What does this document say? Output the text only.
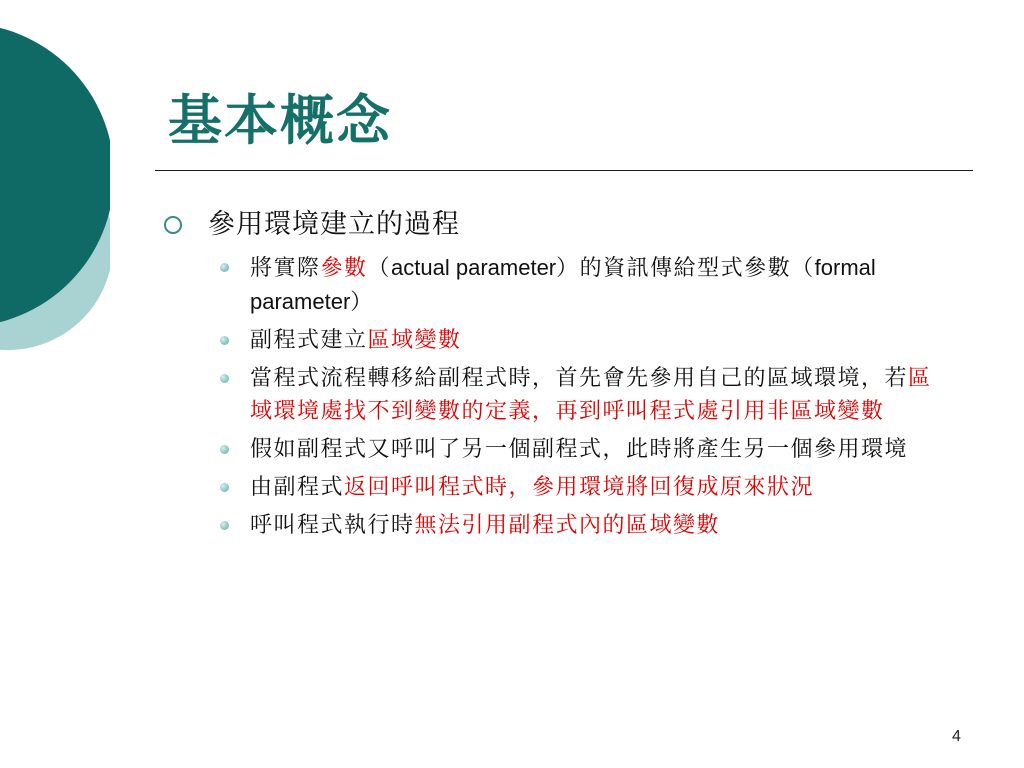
基本概念
參用環境建立的過程
將實際參數（actual parameter）的資訊傳給型式參數（formal parameter）
副程式建立區域變數
當程式流程轉移給副程式時，首先會先參用自己的區域環境，若區域環境處找不到變數的定義，再到呼叫程式處引用非區域變數
假如副程式又呼叫了另一個副程式，此時將產生另一個參用環境
由副程式返回呼叫程式時，參用環境將回復成原來狀況
呼叫程式執行時無法引用副程式內的區域變數
4
